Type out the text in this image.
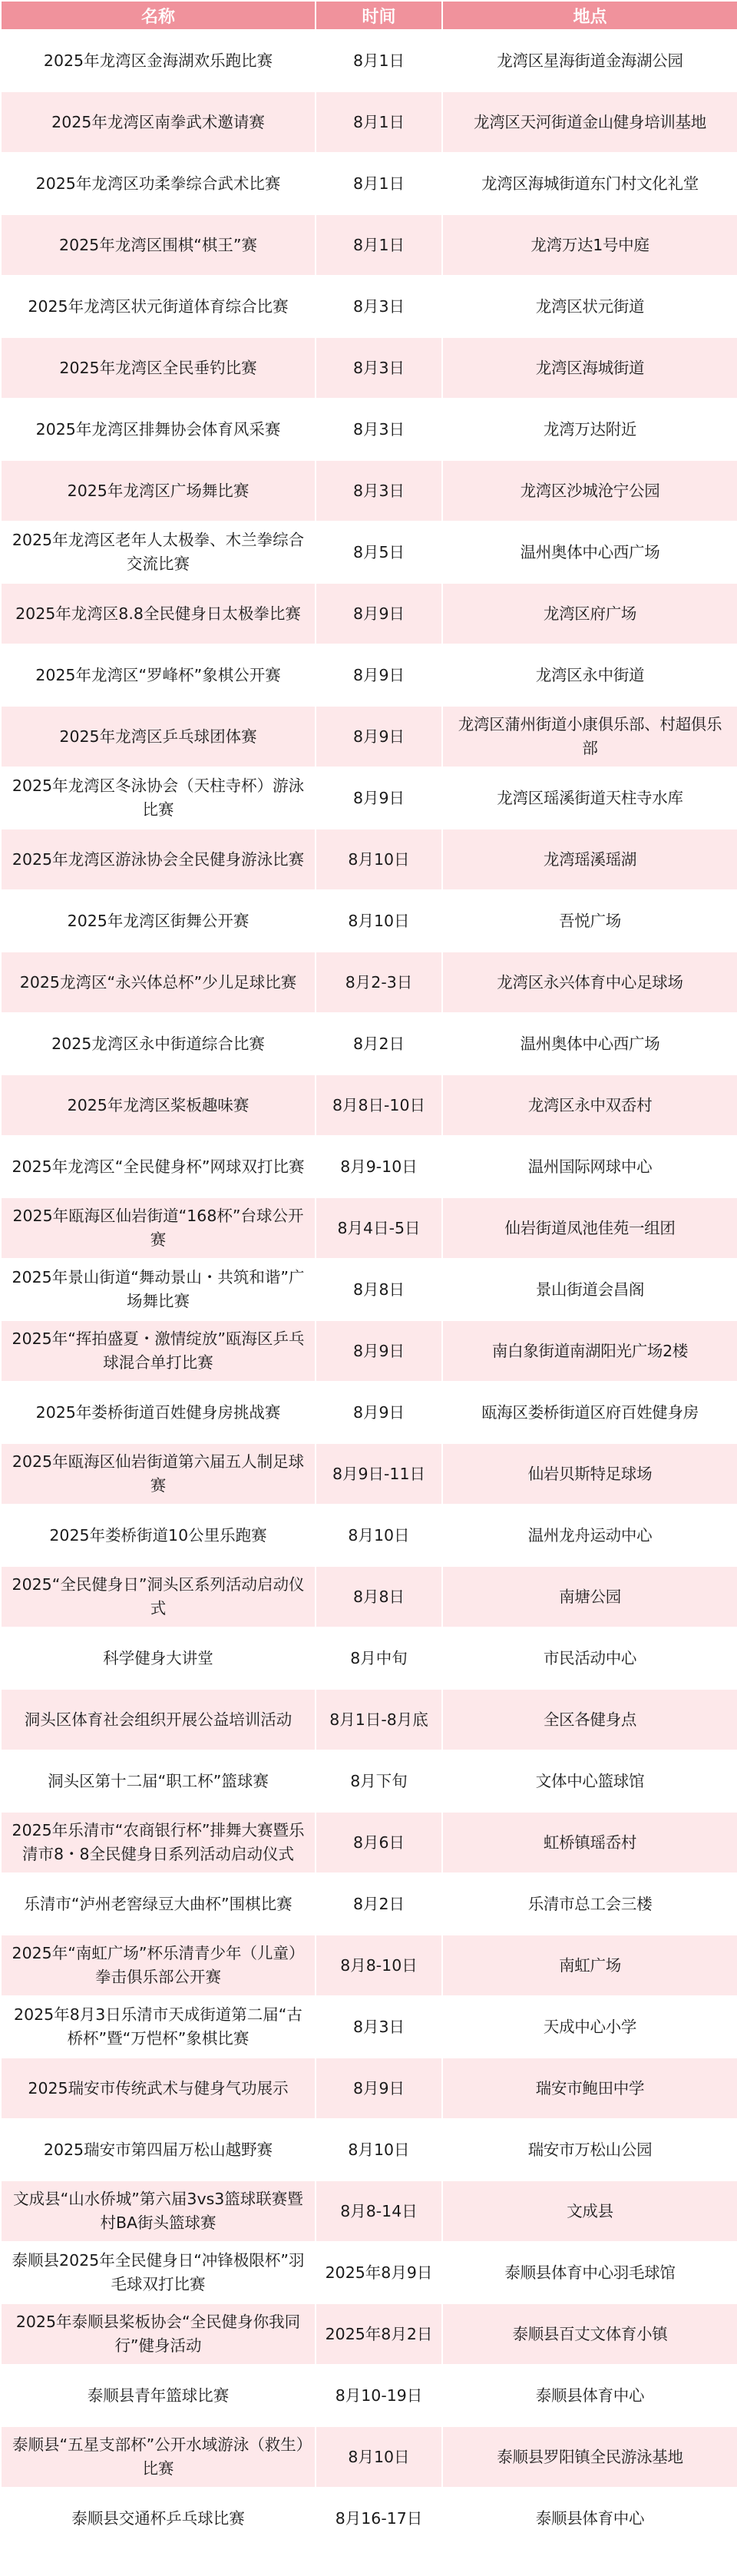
名称	时间	地点
2025年龙湾区金海湖欢乐跑比赛	8月1日	龙湾区星海街道金海湖公园
2025年龙湾区南拳武术邀请赛	8月1日	龙湾区天河街道金山健身培训基地
2025年龙湾区功柔拳综合武术比赛	8月1日	龙湾区海城街道东门村文化礼堂
2025年龙湾区围棋“棋王”赛	8月1日	龙湾万达1号中庭
2025年龙湾区状元街道体育综合比赛	8月3日	龙湾区状元街道
2025年龙湾区全民垂钓比赛	8月3日	龙湾区海城街道
2025年龙湾区排舞协会体育风采赛	8月3日	龙湾万达附近
2025年龙湾区广场舞比赛	8月3日	龙湾区沙城沧宁公园
2025年龙湾区老年人太极拳、木兰拳综合交流比赛	8月5日	温州奥体中心西广场
2025年龙湾区8.8全民健身日太极拳比赛	8月9日	龙湾区府广场
2025年龙湾区“罗峰杯”象棋公开赛	8月9日	龙湾区永中街道
2025年龙湾区乒乓球团体赛	8月9日	龙湾区蒲州街道小康俱乐部、村超俱乐部
2025年龙湾区冬泳协会（天柱寺杯）游泳比赛	8月9日	龙湾区瑶溪街道天柱寺水库
2025年龙湾区游泳协会全民健身游泳比赛	8月10日	龙湾瑶溪瑶湖
2025年龙湾区街舞公开赛	8月10日	吾悦广场
2025龙湾区“永兴体总杯”少儿足球比赛	8月2-3日	龙湾区永兴体育中心足球场
2025龙湾区永中街道综合比赛	8月2日	温州奥体中心西广场
2025年龙湾区桨板趣味赛	8月8日-10日	龙湾区永中双岙村
2025年龙湾区“全民健身杯”网球双打比赛	8月9-10日	温州国际网球中心
2025年瓯海区仙岩街道“168杯”台球公开赛	8月4日-5日	仙岩街道凤池佳苑一组团
2025年景山街道“舞动景山・共筑和谐”广场舞比赛	8月8日	景山街道会昌阁
2025年“挥拍盛夏・激情绽放”瓯海区乒乓球混合单打比赛	8月9日	南白象街道南湖阳光广场2楼
2025年娄桥街道百姓健身房挑战赛	8月9日	瓯海区娄桥街道区府百姓健身房
2025年瓯海区仙岩街道第六届五人制足球赛	8月9日-11日	仙岩贝斯特足球场
2025年娄桥街道10公里乐跑赛	8月10日	温州龙舟运动中心
2025“全民健身日”洞头区系列活动启动仪式	8月8日	南塘公园
科学健身大讲堂	8月中旬	市民活动中心
洞头区体育社会组织开展公益培训活动	8月1日-8月底	全区各健身点
洞头区第十二届“职工杯”篮球赛	8月下旬	文体中心篮球馆
2025年乐清市“农商银行杯”排舞大赛暨乐清市8・8全民健身日系列活动启动仪式	8月6日	虹桥镇瑶岙村
乐清市“泸州老窖绿豆大曲杯”围棋比赛	8月2日	乐清市总工会三楼
2025年“南虹广场”杯乐清青少年（儿童）拳击俱乐部公开赛	8月8-10日	南虹广场
2025年8月3日乐清市天成街道第二届“古桥杯”暨“万恺杯”象棋比赛	8月3日	天成中心小学
2025瑞安市传统武术与健身气功展示	8月9日	瑞安市鲍田中学
2025瑞安市第四届万松山越野赛	8月10日	瑞安市万松山公园
文成县“山水侨城”第六届3vs3篮球联赛暨村BA街头篮球赛	8月8-14日	文成县
泰顺县2025年全民健身日“冲锋极限杯”羽毛球双打比赛	2025年8月9日	泰顺县体育中心羽毛球馆
2025年泰顺县桨板协会“全民健身你我同行”健身活动	2025年8月2日	泰顺县百丈文体育小镇
泰顺县青年篮球比赛	8月10-19日	泰顺县体育中心
泰顺县“五星支部杯”公开水域游泳（救生）比赛	8月10日	泰顺县罗阳镇全民游泳基地
泰顺县交通杯乒乓球比赛	8月16-17日	泰顺县体育中心
